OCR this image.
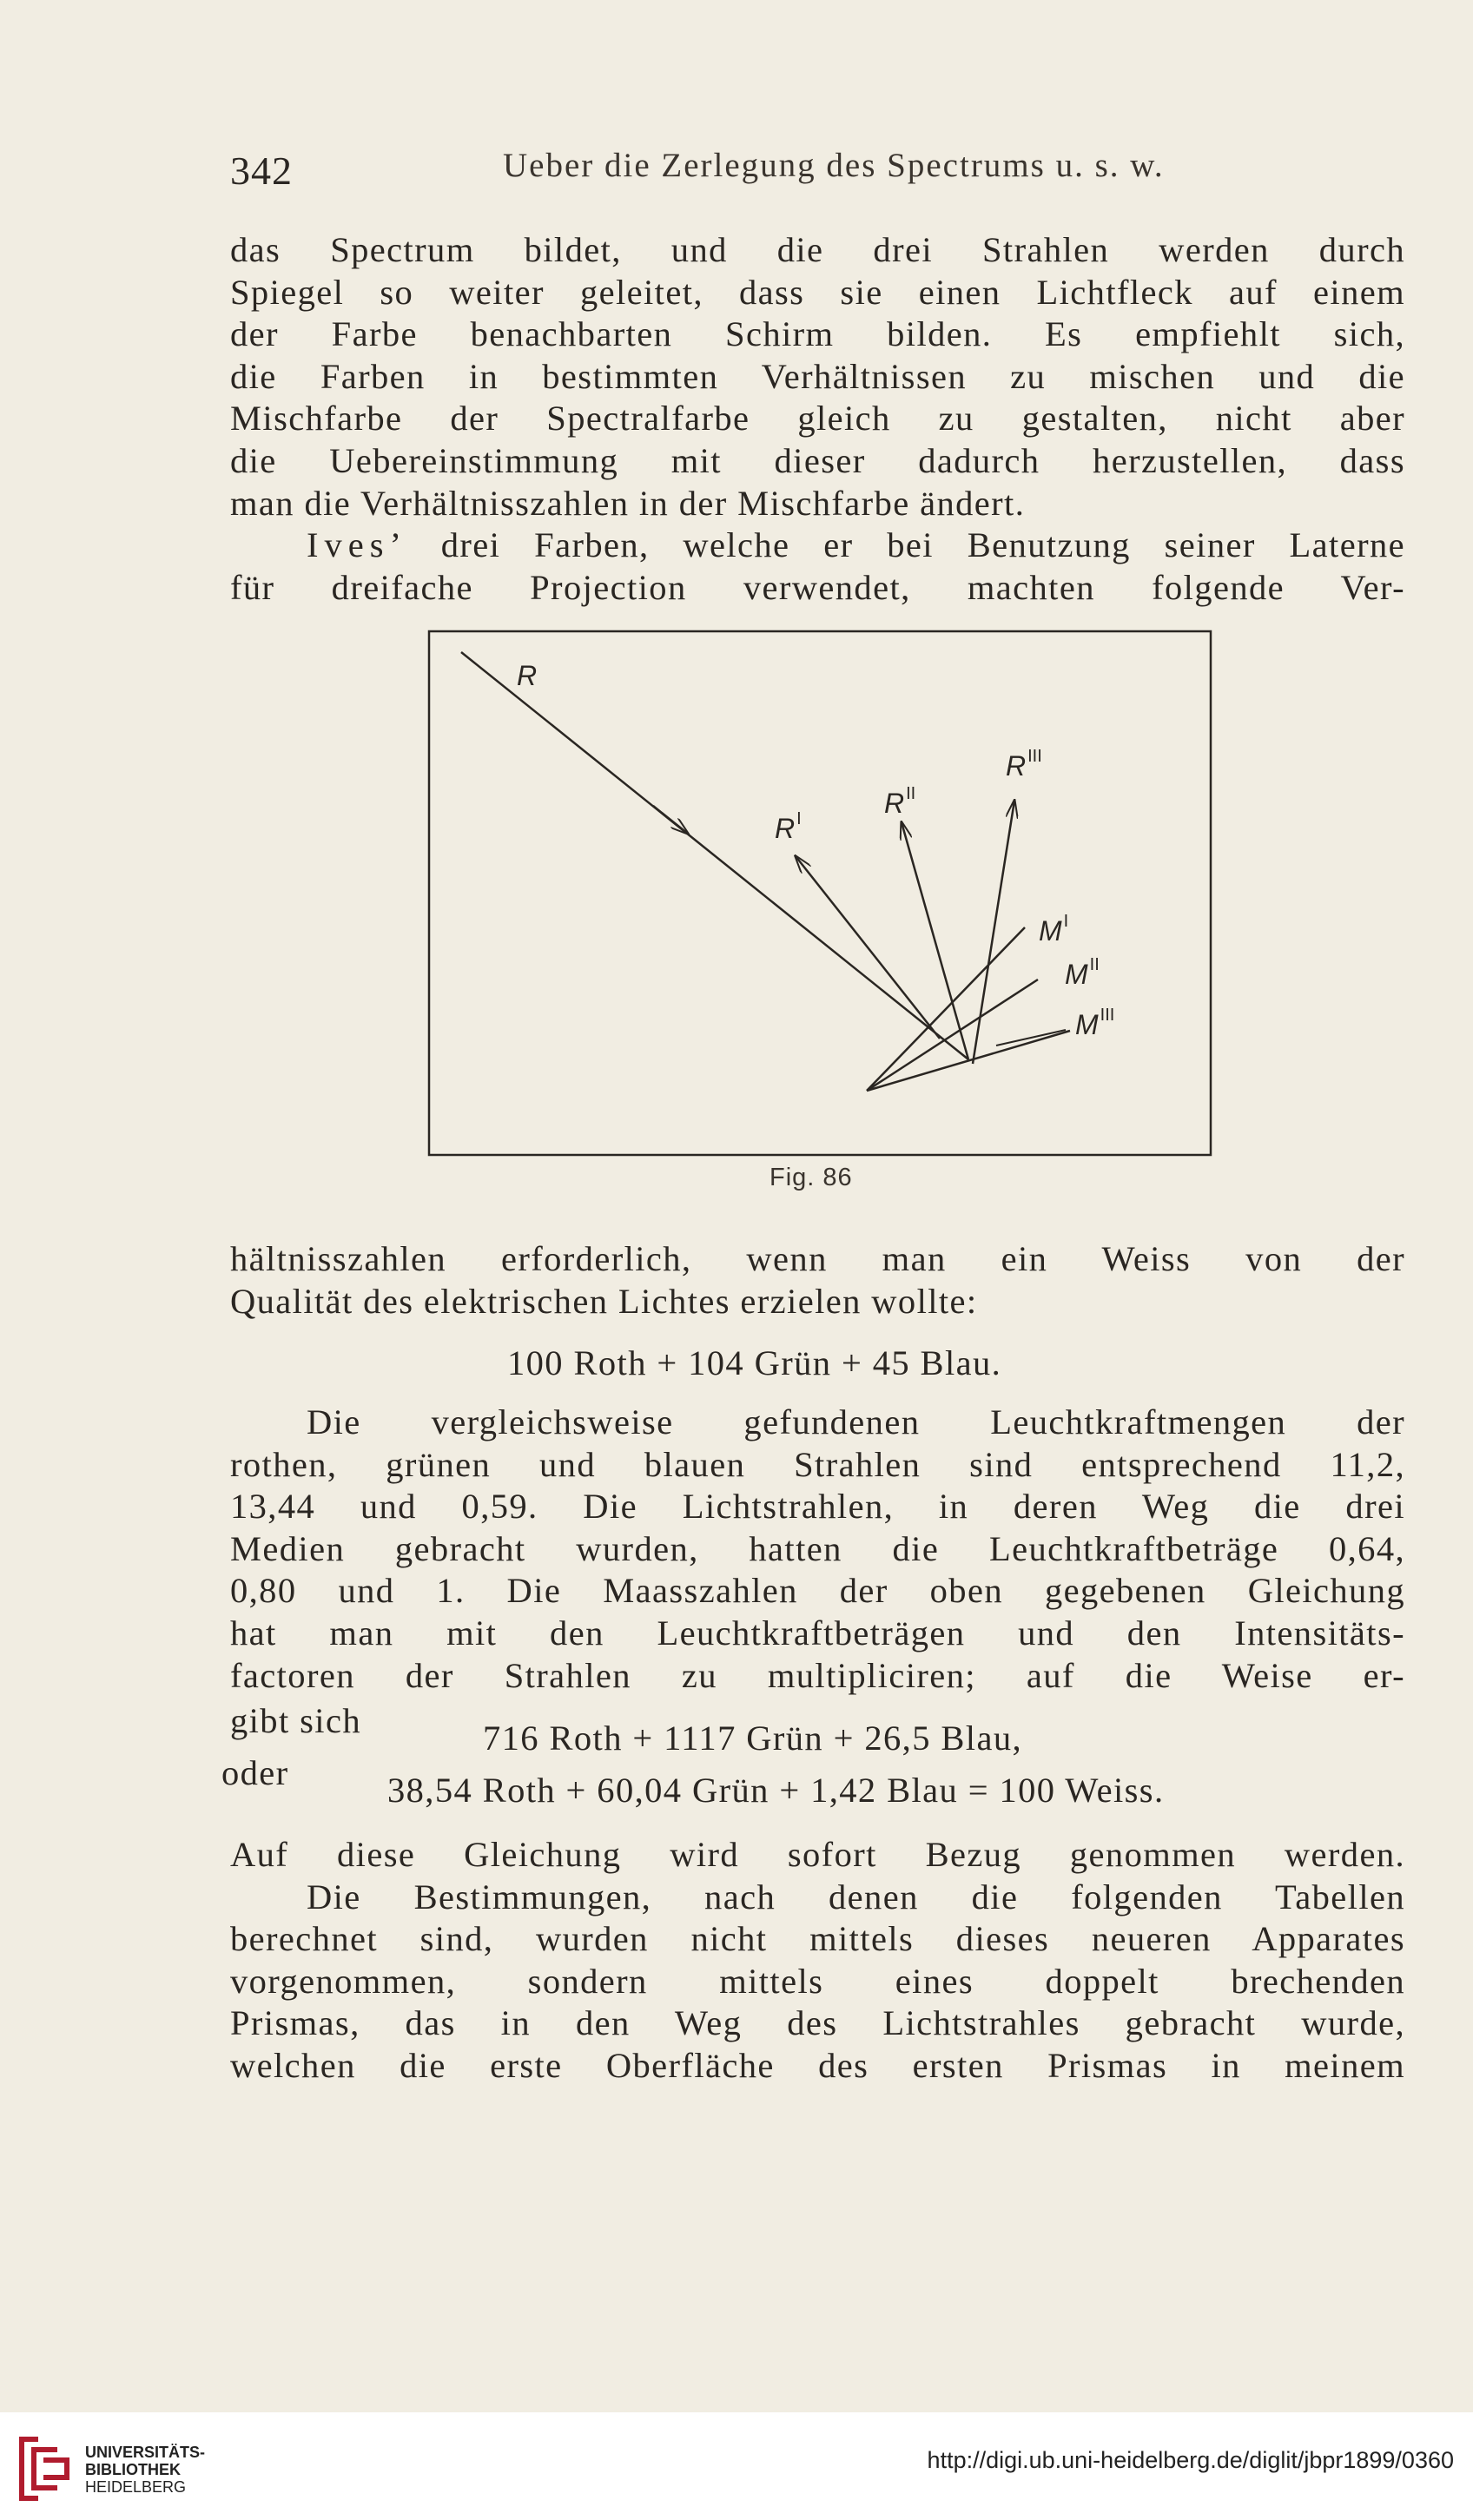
342	Ueber die Zerlegung des Spectrums u. s. w.
das Spectrum bildet, und die drei Strahlen werden durch
Spiegel so weiter geleitet, dass sie einen Lichtfleck auf einem
der Farbe benachbarten Schirm bilden. Es empfiehlt sich,
die Farben in bestimmten Verhältnissen zu mischen und die
Mischfarbe der Spectralfarbe gleich zu gestalten, nicht aber
die Uebereinstimmung mit dieser dadurch herzustellen, dass
man die Verhältnisszahlen in der Mischfarbe ändert.
Ives’ drei Farben, welche er bei Benutzung seiner Laterne
für dreifache Projection verwendet, machten folgende Ver-
R
R $^I$	R $^{II}$
R $^{III}$
M $^I$
M $^{II}$
M $^{III}$
Fig. 86
hältnisszahlen erforderlich, wenn man ein Weiss von der
Qualität des elektrischen Lichtes erzielen wollte:
100 Roth + 104 Grün + 45 Blau.
Die vergleichsweise gefundenen Leuchtkraftmengen der
rothen, grünen und blauen Strahlen sind entsprechend 11,2,
13,44 und 0,59. Die Lichtstrahlen, in deren Weg die drei
Medien gebracht wurden, hatten die Leuchtkraftbeträge 0,64,
0,80 und 1. Die Maasszahlen der oben gegebenen Gleichung
hat man mit den Leuchtkraftbeträgen und den Intensitäts-
factoren der Strahlen zu multipliciren; auf die Weise er-
gibt sich	716 Roth + 1117 Grün + 26,5 Blau,
oder	38,54 Roth + 60,04 Grün + 1,42 Blau = 100 Weiss.
Auf diese Gleichung wird sofort Bezug genommen werden.
Die Bestimmungen, nach denen die folgenden Tabellen
berechnet sind, wurden nicht mittels dieses neueren Apparates
vorgenommen, sondern mittels eines doppelt brechenden
Prismas, das in den Weg des Lichtstrahles gebracht wurde,
welchen die erste Oberfläche des ersten Prismas in meinem
UNIVERSITÄTS-
BIBLIOTHEK
HEIDELBERG
http://digi.ub.uni-heidelberg.de/diglit/jbpr1899/0360
